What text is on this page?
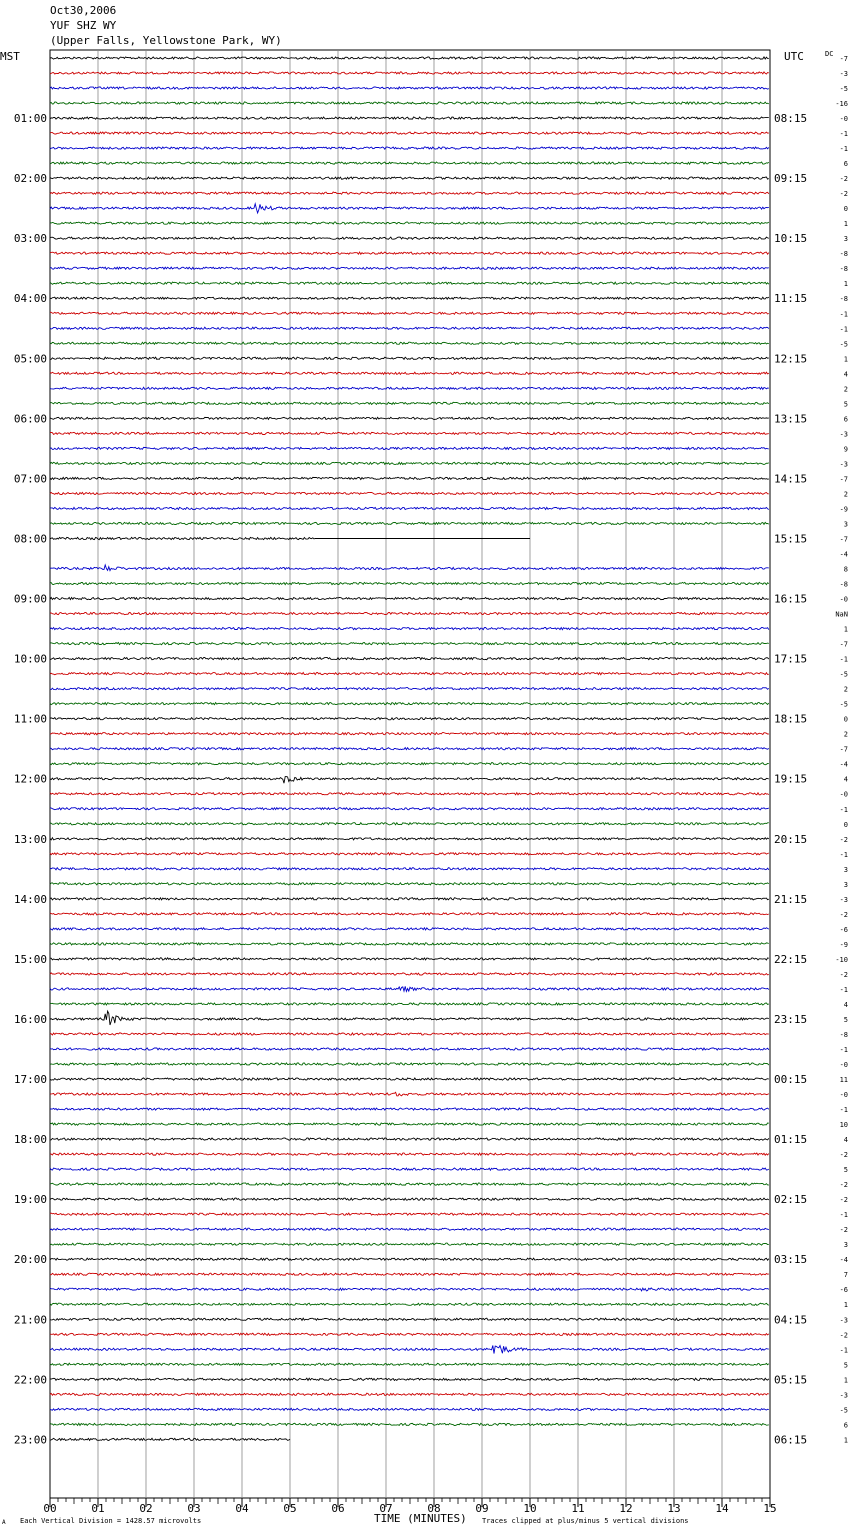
Oct30,2006
YUF SHZ WY
(Upper Falls, Yellowstone Park, WY)
00	01	02	03	04	05	06	07	08	09	10	11	12	13	14	15
-7
-3
-5
-16
-0
-1
-1
6
-2
-2
0
1
3
-8
-8
1
-8
-1
-1
-5
1
4
2
5
6
-3
9
-3
-7
2
-9
3
-7
-4
8
-8
-0
NaN
1
-7
-1
-5
2
-5
0
2
-7
-4
4
-0
-1
0
-2
-1
3
3
-3
-2
-6
-9
-10
-2
-1
4
5
-8
-1
-0
11
-0
-1
10
4
-2
5
-2
-2
-1
-2
3
-4
7
-6
1
-3
-2
-1
5
1
-3
-5
6
1
01:00
02:00
03:00
04:00
05:00
06:00
07:00
08:00
09:00
10:00
11:00
12:00
13:00
14:00
15:00
16:00
17:00
18:00
19:00
20:00
21:00
22:00
23:00
08:15
09:15
10:15
11:15
12:15
13:15
14:15
15:15
16:15
17:15
18:15
19:15
20:15
21:15
22:15
23:15
00:15
01:15
02:15
03:15
04:15
05:15
06:15
MST	UTC	DC
TIME (MINUTES)
Each Vertical Division = 1428.57 microvolts	Traces clipped at plus/minus 5 vertical divisions
A
